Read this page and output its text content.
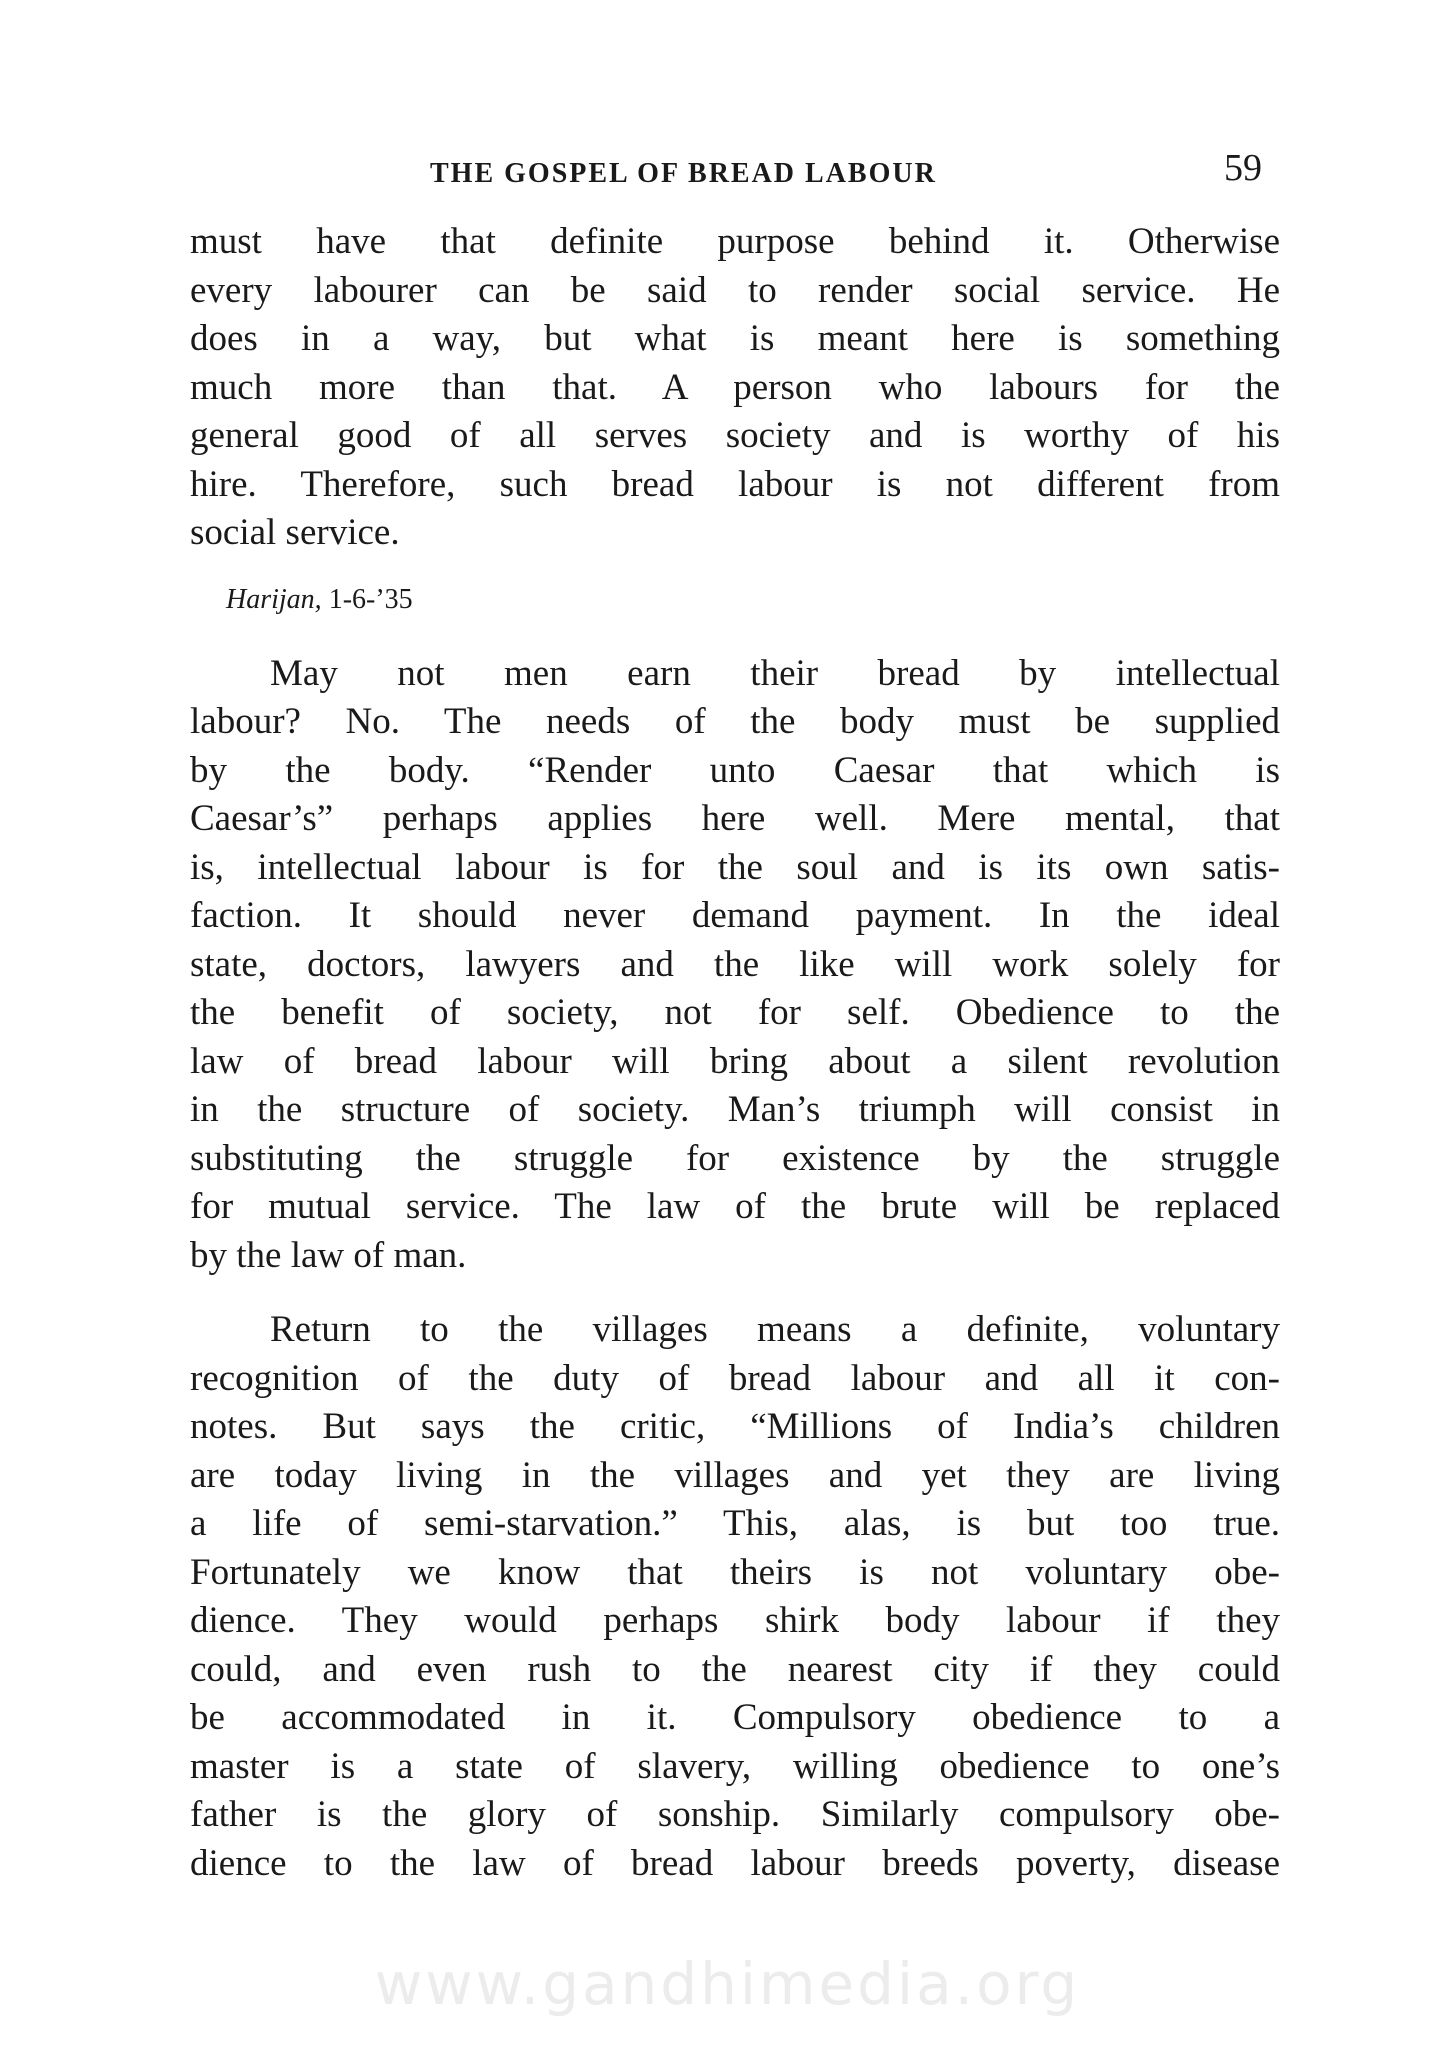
THE GOSPEL OF BREAD LABOUR	59
must have that definite purpose behind it. Otherwise
every labourer can be said to render social service. He
does in a way, but what is meant here is something
much more than that. A person who labours for the
general good of all serves society and is worthy of his
hire. Therefore, such bread labour is not different from
social service.
Harijan, 1-6-’35
May not men earn their bread by intellectual
labour? No. The needs of the body must be supplied
by the body. “Render unto Caesar that which is
Caesar’s” perhaps applies here well. Mere mental, that
is, intellectual labour is for the soul and is its own satis-
faction. It should never demand payment. In the ideal
state, doctors, lawyers and the like will work solely for
the benefit of society, not for self. Obedience to the
law of bread labour will bring about a silent revolution
in the structure of society. Man’s triumph will consist in
substituting the struggle for existence by the struggle
for mutual service. The law of the brute will be replaced
by the law of man.
Return to the villages means a definite, voluntary
recognition of the duty of bread labour and all it con-
notes. But says the critic, “Millions of India’s children
are today living in the villages and yet they are living
a life of semi-starvation.” This, alas, is but too true.
Fortunately we know that theirs is not voluntary obe-
dience. They would perhaps shirk body labour if they
could, and even rush to the nearest city if they could
be accommodated in it. Compulsory obedience to a
master is a state of slavery, willing obedience to one’s
father is the glory of sonship. Similarly compulsory obe-
dience to the law of bread labour breeds poverty, disease
www.gandhimedia.org
